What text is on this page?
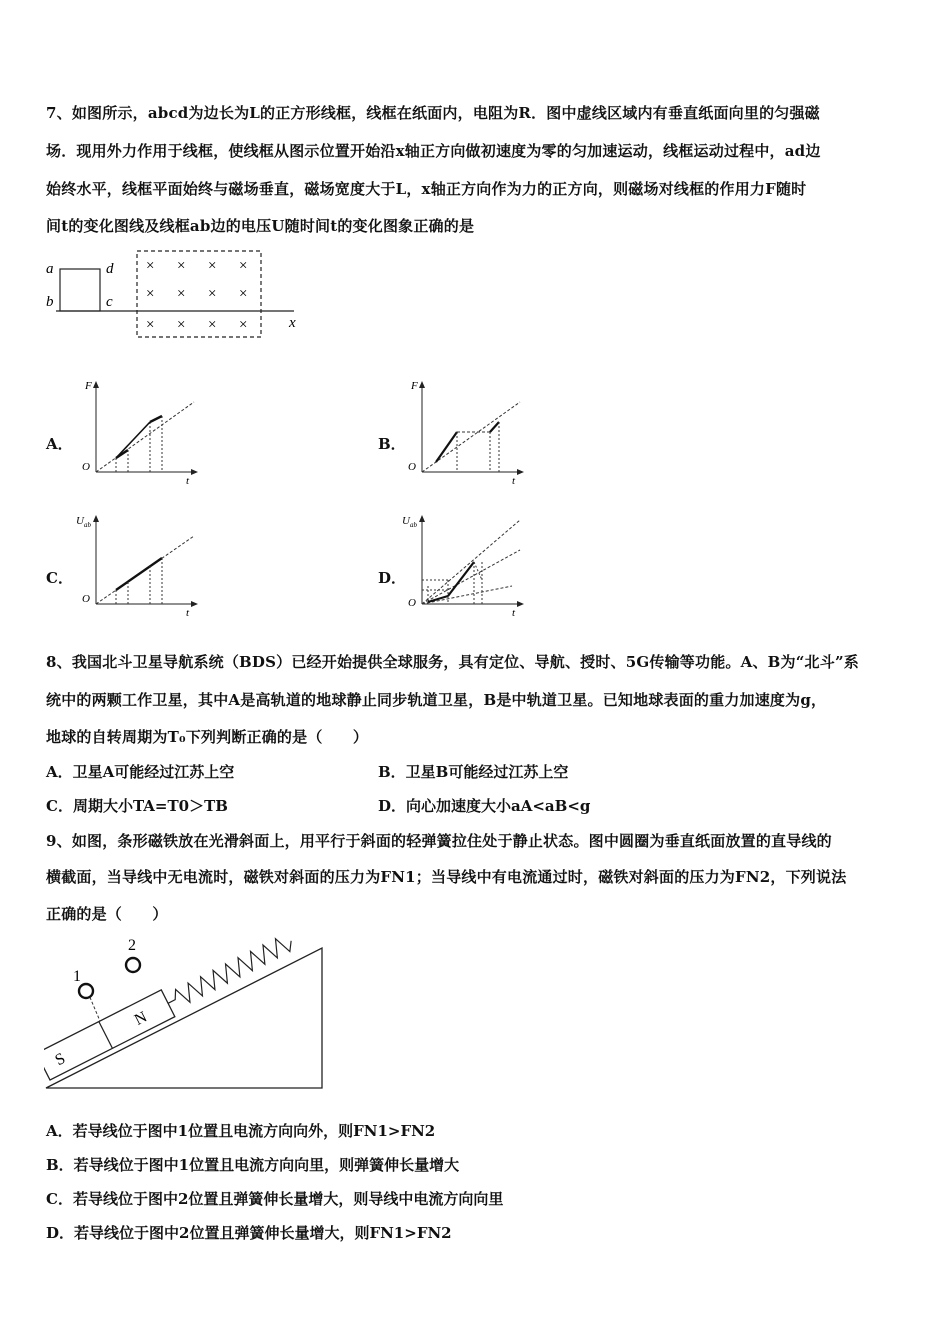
7、如图所示，abcd为边长为L的正方形线框，线框在纸面内，电阻为R．图中虚线区域内有垂直纸面向里的匀强磁
场．现用外力作用于线框，使线框从图示位置开始沿x轴正方向做初速度为零的匀加速运动，线框运动过程中，ad边
始终水平，线框平面始终与磁场垂直，磁场宽度大于L，x轴正方向作为力的正方向，则磁场对线框的作用力F随时
间t的变化图线及线框ab边的电压U随时间t的变化图象正确的是
a
b
d
c
x
× × × ×
× × × ×
× × × ×
A．	B．
C．	D．
F
O
t
F
O
t
U ab
O
t
U ab
O
t
8、我国北斗卫星导航系统（BDS）已经开始提供全球服务，具有定位、导航、授时、5G传输等功能。A、B为“北斗”系
统中的两颗工作卫星，其中A是高轨道的地球静止同步轨道卫星，B是中轨道卫星。已知地球表面的重力加速度为g，
地球的自转周期为T₀下列判断正确的是（　　）
A．卫星A可能经过江苏上空	B．卫星B可能经过江苏上空
C．周期大小TA=T0＞TB	D．向心加速度大小aA<aB<g
9、如图，条形磁铁放在光滑斜面上，用平行于斜面的轻弹簧拉住处于静止状态。图中圆圈为垂直纸面放置的直导线的
横截面，当导线中无电流时，磁铁对斜面的压力为FN1；当导线中有电流通过时，磁铁对斜面的压力为FN2，下列说法
正确的是（　　）
S
N
1
2
A．若导线位于图中1位置且电流方向向外，则FN1>FN2
B．若导线位于图中1位置且电流方向向里，则弹簧伸长量增大
C．若导线位于图中2位置且弹簧伸长量增大，则导线中电流方向向里
D．若导线位于图中2位置且弹簧伸长量增大，则FN1>FN2
